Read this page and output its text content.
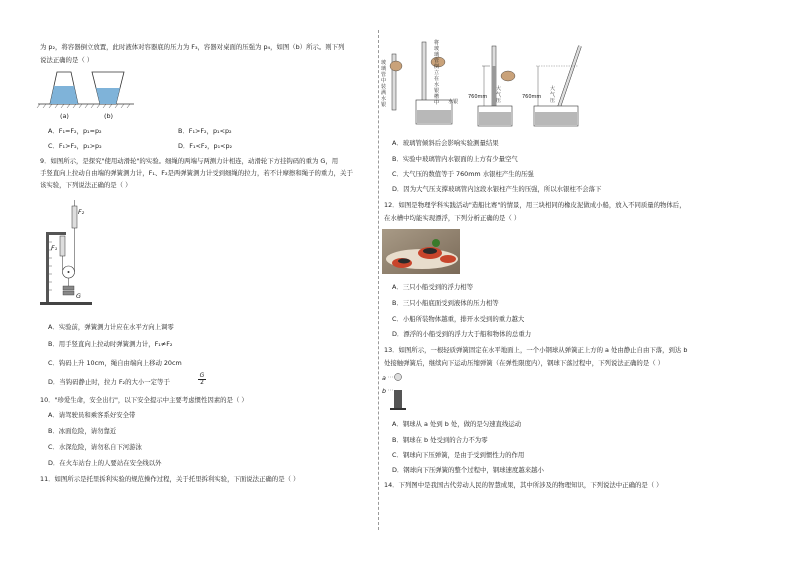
为 p₂，将容器倒立放置，此时液体对容器底的压力为 F₃，容器对桌面的压强为 p₄，如图（b）所示。则下列
说法正确的是（ ）
(a)	(b)
A．F₁=F₂，p₁=p₂	B．F₁>F₂，p₁<p₂
C．F₁>F₂，p₁>p₂	D．F₁<F₂，p₁<p₂
9．如图所示，是探究"使用动滑轮"的实验。细绳的两端与两测力计相连，动滑轮下方挂钩码的重为 G，用
手竖直向上拉动自由端的弹簧测力计，F₁、F₂是两弹簧测力计受到细绳的拉力，若不计摩擦和绳子的重力，关于
该实验，下列说法正确的是（ ）
F₂
F₁
G
A．实验前，弹簧测力计应在水平方向上调零
B．用手竖直向上拉动时弹簧测力计，F₁≠F₂
C．钩码上升 10cm，绳自由端向上移动 20cm
D．当钩码静止时，拉力 F₂的大小一定等于	$\frac{G}{2}$
10．"珍爱生命，安全出行"，以下安全提示中主要考虑惯性因素的是（ ）
A．请驾驶员和乘客系好安全带
B．冰面危险，请勿靠近
C．水深危险，请勿私自下河游泳
D．在火车站台上的人要站在安全线以外
11．如图所示是托里拆利实验的规范操作过程，关于托里拆利实验，下面说法正确的是（ ）
玻璃管中装满水银
将玻璃管倒立在水银槽中 水银
760mm
大气压
760mm
大气压
A．玻璃管倾斜后会影响实验测量结果
B．实验中玻璃管内水银面的上方有少量空气
C．大气压的数值等于 760mm 水银柱产生的压强
D．因为大气压支撑玻璃管内这段水银柱产生的压强，所以水银柱不会落下
12．如图是物理学科实践活动"造船比赛"的情景，用三块相同的橡皮泥做成小船，放入不同质量的物体后，
在水槽中均能实现漂浮，下列分析正确的是（ ）
A．三只小船受到的浮力相等
B．三只小船底面受到液体的压力相等
C．小船所装物体越重，排开水受到的重力越大
D．漂浮的小船受到的浮力大于船和物体的总重力
13．如图所示，一根轻质弹簧固定在水平地面上，一个小钢球从弹簧正上方的 a 处由静止自由下落，到达 b
处接触弹簧后，继续向下运动压缩弹簧（在弹性限度内），钢球下落过程中，下列说法正确的是（ ）
a
b
A．钢球从 a 处到 b 处，做的是匀速直线运动
B．钢球在 b 处受到的合力不为零
C．钢球向下压弹簧，是由于受到惯性力的作用
D．钢球向下压弹簧的整个过程中，钢球速度越来越小
14．下列图中是我国古代劳动人民的智慧成果，其中所涉及的物理知识，下列说法中正确的是（ ）
